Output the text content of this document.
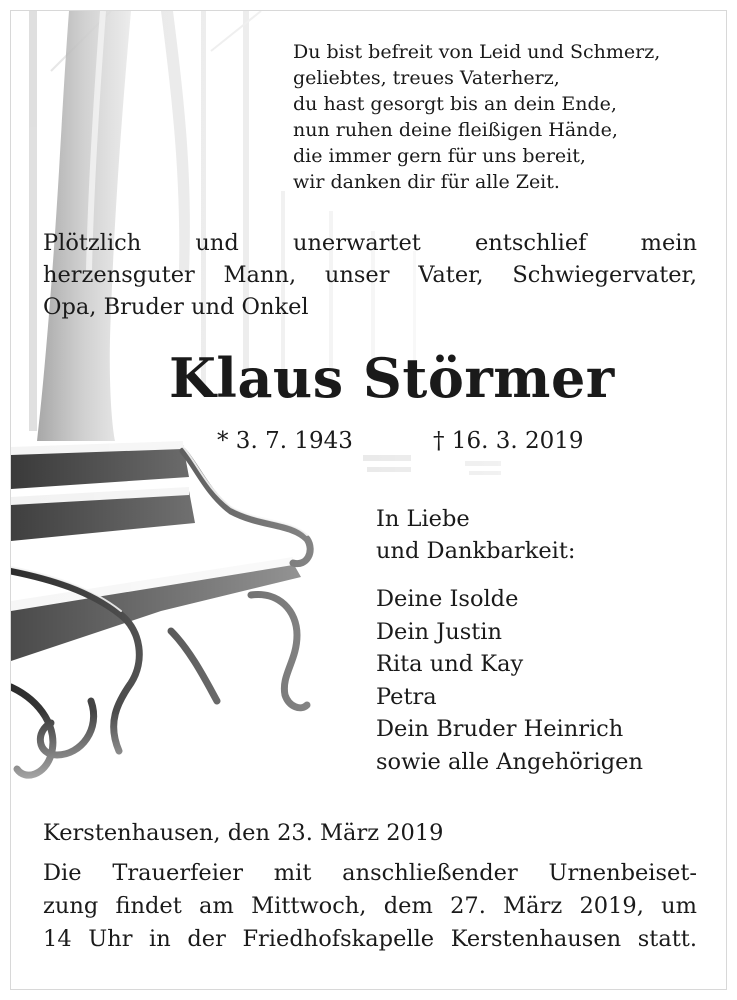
Du bist befreit von Leid und Schmerz,
geliebtes, treues Vaterherz,
du hast gesorgt bis an dein Ende,
nun ruhen deine fleißigen Hände,
die immer gern für uns bereit,
wir danken dir für alle Zeit.
Plötzlich und unerwartet entschlief mein
herzensguter Mann, unser Vater, Schwiegervater,
Opa, Bruder und Onkel
Klaus Störmer
* 3. 7. 1943	† 16. 3. 2019
In Liebe
und Dankbarkeit:
Deine Isolde
Dein Justin
Rita und Kay
Petra
Dein Bruder Heinrich
sowie alle Angehörigen
Kerstenhausen, den 23. März 2019
Die Trauerfeier mit anschließender Urnenbeiset-
zung findet am Mittwoch, dem 27. März 2019, um
14 Uhr in der Friedhofskapelle Kerstenhausen statt.
